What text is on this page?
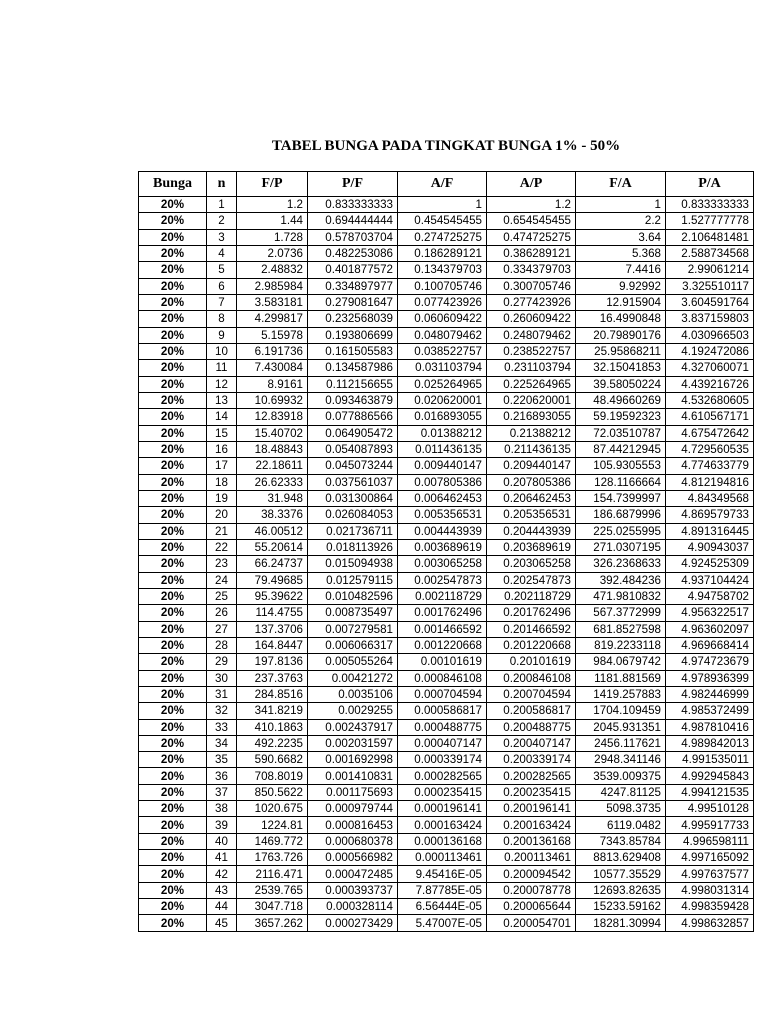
TABEL BUNGA PADA TINGKAT BUNGA 1% - 50%
Bunga	n	F/P	P/F	A/F	A/P	F/A	P/A
20%	1	1.2	0.833333333	1	1.2	1	0.833333333
20%	2	1.44	0.694444444	0.454545455	0.654545455	2.2	1.527777778
20%	3	1.728	0.578703704	0.274725275	0.474725275	3.64	2.106481481
20%	4	2.0736	0.482253086	0.186289121	0.386289121	5.368	2.588734568
20%	5	2.48832	0.401877572	0.134379703	0.334379703	7.4416	2.99061214
20%	6	2.985984	0.334897977	0.100705746	0.300705746	9.92992	3.325510117
20%	7	3.583181	0.279081647	0.077423926	0.277423926	12.915904	3.604591764
20%	8	4.299817	0.232568039	0.060609422	0.260609422	16.4990848	3.837159803
20%	9	5.15978	0.193806699	0.048079462	0.248079462	20.79890176	4.030966503
20%	10	6.191736	0.161505583	0.038522757	0.238522757	25.95868211	4.192472086
20%	11	7.430084	0.134587986	0.031103794	0.231103794	32.15041853	4.327060071
20%	12	8.9161	0.112156655	0.025264965	0.225264965	39.58050224	4.439216726
20%	13	10.69932	0.093463879	0.020620001	0.220620001	48.49660269	4.532680605
20%	14	12.83918	0.077886566	0.016893055	0.216893055	59.19592323	4.610567171
20%	15	15.40702	0.064905472	0.01388212	0.21388212	72.03510787	4.675472642
20%	16	18.48843	0.054087893	0.011436135	0.211436135	87.44212945	4.729560535
20%	17	22.18611	0.045073244	0.009440147	0.209440147	105.9305553	4.774633779
20%	18	26.62333	0.037561037	0.007805386	0.207805386	128.1166664	4.812194816
20%	19	31.948	0.031300864	0.006462453	0.206462453	154.7399997	4.84349568
20%	20	38.3376	0.026084053	0.005356531	0.205356531	186.6879996	4.869579733
20%	21	46.00512	0.021736711	0.004443939	0.204443939	225.0255995	4.891316445
20%	22	55.20614	0.018113926	0.003689619	0.203689619	271.0307195	4.90943037
20%	23	66.24737	0.015094938	0.003065258	0.203065258	326.2368633	4.924525309
20%	24	79.49685	0.012579115	0.002547873	0.202547873	392.484236	4.937104424
20%	25	95.39622	0.010482596	0.002118729	0.202118729	471.9810832	4.94758702
20%	26	114.4755	0.008735497	0.001762496	0.201762496	567.3772999	4.956322517
20%	27	137.3706	0.007279581	0.001466592	0.201466592	681.8527598	4.963602097
20%	28	164.8447	0.006066317	0.001220668	0.201220668	819.2233118	4.969668414
20%	29	197.8136	0.005055264	0.00101619	0.20101619	984.0679742	4.974723679
20%	30	237.3763	0.00421272	0.000846108	0.200846108	1181.881569	4.978936399
20%	31	284.8516	0.0035106	0.000704594	0.200704594	1419.257883	4.982446999
20%	32	341.8219	0.0029255	0.000586817	0.200586817	1704.109459	4.985372499
20%	33	410.1863	0.002437917	0.000488775	0.200488775	2045.931351	4.987810416
20%	34	492.2235	0.002031597	0.000407147	0.200407147	2456.117621	4.989842013
20%	35	590.6682	0.001692998	0.000339174	0.200339174	2948.341146	4.991535011
20%	36	708.8019	0.001410831	0.000282565	0.200282565	3539.009375	4.992945843
20%	37	850.5622	0.001175693	0.000235415	0.200235415	4247.81125	4.994121535
20%	38	1020.675	0.000979744	0.000196141	0.200196141	5098.3735	4.99510128
20%	39	1224.81	0.000816453	0.000163424	0.200163424	6119.0482	4.995917733
20%	40	1469.772	0.000680378	0.000136168	0.200136168	7343.85784	4.996598111
20%	41	1763.726	0.000566982	0.000113461	0.200113461	8813.629408	4.997165092
20%	42	2116.471	0.000472485	9.45416E-05	0.200094542	10577.35529	4.997637577
20%	43	2539.765	0.000393737	7.87785E-05	0.200078778	12693.82635	4.998031314
20%	44	3047.718	0.000328114	6.56444E-05	0.200065644	15233.59162	4.998359428
20%	45	3657.262	0.000273429	5.47007E-05	0.200054701	18281.30994	4.998632857
